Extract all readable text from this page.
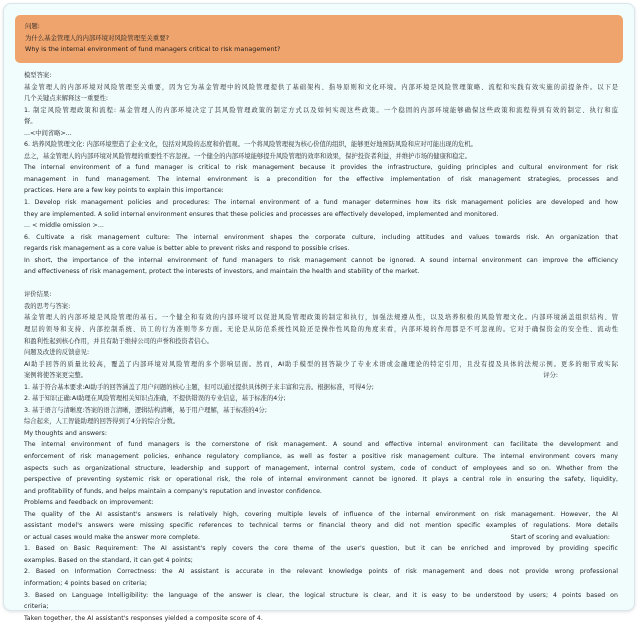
问题:
为什么基金管理人的内部环境对风险管理至关重要?
Why is the internal environment of fund managers critical to risk management?
模型答案:
基金管理人的内部环境对风险管理至关重要，因为它为基金管理中的风险管理提供了基础架构、指导原则和文化环境。内部环境是风险管理策略、流程和实践有效实施的前提条件。以下是
几个关键点来解释这一重要性:
1. 制定风险管理政策和流程: 基金管理人的内部环境决定了其风险管理政策的制定方式以及如何实现这些政策。一个稳固的内部环境能够确保这些政策和流程得到有效的制定、执行和监
督。
...<中间省略>...
6. 培养风险管理文化: 内部环境塑造了企业文化，包括对风险的态度和价值观。一个将风险管理视为核心价值的组织，能够更好地预防风险和应对可能出现的危机。
总之，基金管理人的内部环境对风险管理的重要性不容忽视。一个健全的内部环境能够提升风险管理的效率和效果，保护投资者利益，并维护市场的健康和稳定。
The internal environment of a fund manager is critical to risk management because it provides the infrastructure, guiding principles and cultural environment for risk
management in fund management. The internal environment is a precondition for the effective implementation of risk management strategies, processes and
practices. Here are a few key points to explain this importance:
1. Develop risk management policies and procedures: The internal environment of a fund manager determines how its risk management policies are developed and how
they are implemented. A solid internal environment ensures that these policies and processes are effectively developed, implemented and monitored.
... < middle omission >...
6. Cultivate a risk management culture: The internal environment shapes the corporate culture, including attitudes and values towards risk. An organization that
regards risk management as a core value is better able to prevent risks and respond to possible crises.
In short, the importance of the internal environment of fund managers to risk management cannot be ignored. A sound internal environment can improve the efficiency
and effectiveness of risk management, protect the interests of investors, and maintain the health and stability of the market.
评价结果:
我的思考与答案:
基金管理人的内部环境是风险管理的基石。一个健全和有效的内部环境可以促进风险管理政策的制定和执行，加强法规遵从性，以及培养积极的风险管理文化。内部环境涵盖组织结构、管
理层的领导和支持、内部控制系统、员工的行为准则等多方面。无论是从防范系统性风险还是操作性风险的角度来看，内部环境的作用都是不可忽视的。它对于确保资金的安全性、流动性
和盈利性起到核心作用，并且有助于维持公司的声誉和投资者信心。
问题及改进的反馈意见:
AI助手回答的质量比较高，覆盖了内部环境对风险管理的多个影响层面。然而，AI助手模型的回答缺少了专业术语或金融理论的特定引用，且没有提及具体的法规示例。更多的细节或实际
案例将使答案更完整。	评分:
1. 基于符合基本要求:AI助手的回答涵盖了用户问题的核心主题，但可以通过提供具体例子来丰富和完善。根据标准，可得4分;
2. 基于知识正确:AI助理在风险管理相关知识点准确，不提供错误的专业信息，基于标准的4分;
3. 基于语言与清晰度:答案的语言清晰，逻辑结构清晰，易于用户理解，基于标准的4分;
综合起来，人工智能助理的回答得到了4分的综合分数。
My thoughts and answers:
The internal environment of fund managers is the cornerstone of risk management. A sound and effective internal environment can facilitate the development and
enforcement of risk management policies, enhance regulatory compliance, as well as foster a positive risk management culture. The internal environment covers many
aspects such as organizational structure, leadership and support of management, internal control system, code of conduct of employees and so on. Whether from the
perspective of preventing systemic risk or operational risk, the role of internal environment cannot be ignored. It plays a central role in ensuring the safety, liquidity,
and profitability of funds, and helps maintain a company's reputation and investor confidence.
Problems and feedback on improvement:
The quality of the AI assistant's answers is relatively high, covering multiple levels of influence of the internal environment on risk management. However, the AI
assistant model's answers were missing specific references to technical terms or financial theory and did not mention specific examples of regulations. More details
or actual cases would make the answer more complete.	Start of scoring and evaluation:
1. Based on Basic Requirement: The AI assistant's reply covers the core theme of the user's question, but it can be enriched and improved by providing specific
examples. Based on the standard, it can get 4 points;
2. Based on Information Correctness: the AI assistant is accurate in the relevant knowledge points of risk management and does not provide wrong professional
information; 4 points based on criteria;
3. Based on Language Intelligibility: the language of the answer is clear, the logical structure is clear, and it is easy to be understood by users; 4 points based on
criteria;
Taken together, the AI assistant's responses yielded a composite score of 4.
